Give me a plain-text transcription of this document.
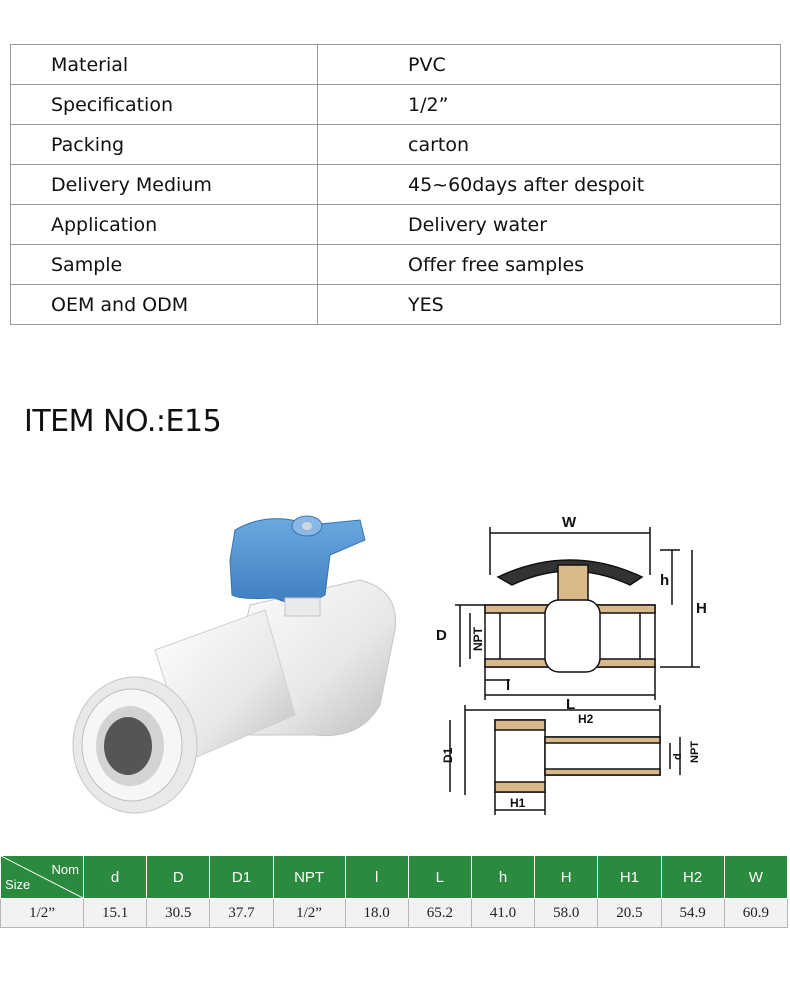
Material	PVC
Specification	1/2”
Packing	carton
Delivery Medium	45~60days after despoit
Application	Delivery water
Sample	Offer free samples
OEM and ODM	YES
ITEM NO.:E15
W
h
H
D NPT
l
L
H2
D1	d NPT
H1
Nom
Size	d	D	D1	NPT	l	L	h	H	H1	H2	W
1/2”	15.1	30.5	37.7	1/2”	18.0	65.2	41.0	58.0	20.5	54.9	60.9
